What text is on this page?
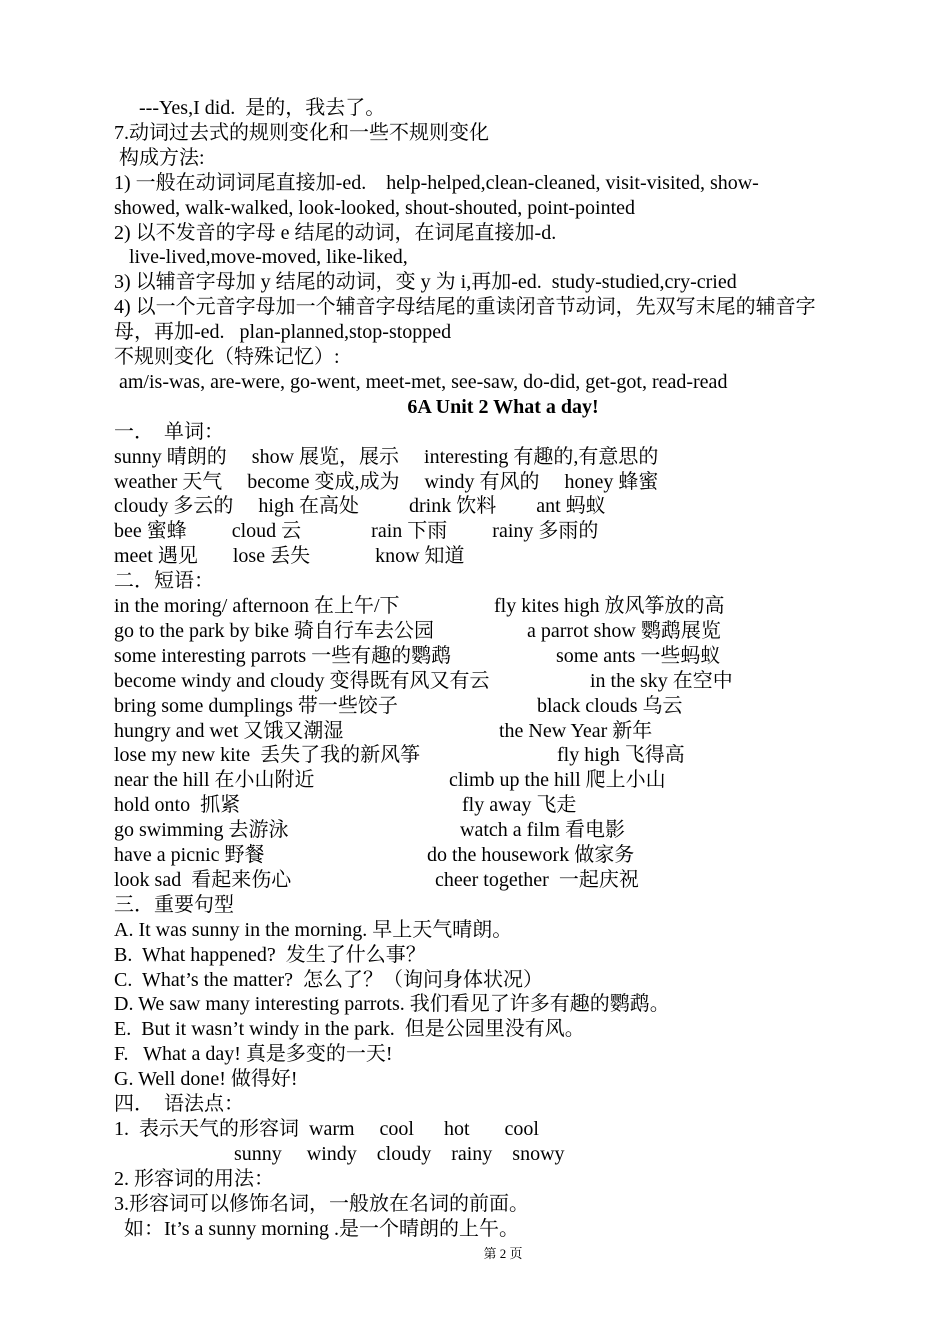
---Yes,I did.  是的，我去了。
7.动词过去式的规则变化和一些不规则变化
构成方法:
1) 一般在动词词尾直接加-ed.    help-helped,clean-cleaned, visit-visited, show-
showed, walk-walked, look-looked, shout-shouted, point-pointed
2) 以不发音的字母 e 结尾的动词，在词尾直接加-d.
live-lived,move-moved, like-liked,
3) 以辅音字母加 y 结尾的动词，变 y 为 i,再加-ed.  study-studied,cry-cried
4) 以一个元音字母加一个辅音字母结尾的重读闭音节动词，先双写末尾的辅音字
母，再加-ed.   plan-planned,stop-stopped
不规则变化（特殊记忆）:
am/is-was, are-were, go-went, meet-met, see-saw, do-did, get-got, read-read
6A Unit 2 What a day!
一．  单词：
sunny 晴朗的     show 展览，展示     interesting 有趣的,有意思的
weather 天气     become 变成,成为     windy 有风的     honey 蜂蜜
cloudy 多云的     high 在高处          drink 饮料        ant 蚂蚁
bee 蜜蜂         cloud 云              rain 下雨         rainy 多雨的
meet 遇见       lose 丢失             know 知道
二．短语：
in the moring/ afternoon 在上午/下	fly kites high 放风筝放的高
go to the park by bike 骑自行车去公园	a parrot show 鹦鹉展览
some interesting parrots 一些有趣的鹦鹉	some ants 一些蚂蚁
become windy and cloudy 变得既有风又有云	in the sky 在空中
bring some dumplings 带一些饺子	black clouds 乌云
hungry and wet 又饿又潮湿	the New Year 新年
lose my new kite  丢失了我的新风筝	fly high 飞得高
near the hill 在小山附近	climb up the hill 爬上小山
hold onto  抓紧	fly away 飞走
go swimming 去游泳	watch a film 看电影
have a picnic 野餐	do the housework 做家务
look sad  看起来伤心	cheer together  一起庆祝
三．重要句型
A. It was sunny in the morning. 早上天气晴朗。
B.  What happened?  发生了什么事？
C.  What’s the matter?  怎么了？（询问身体状况）
D. We saw many interesting parrots. 我们看见了许多有趣的鹦鹉。
E.  But it wasn’t windy in the park.  但是公园里没有风。
F.   What a day! 真是多变的一天!
G. Well done! 做得好!
四．  语法点：
1.  表示天气的形容词  warm     cool      hot       cool
sunny     windy    cloudy    rainy    snowy
2. 形容词的用法：
3.形容词可以修饰名词，一般放在名词的前面。
如：It’s a sunny morning .是一个晴朗的上午。
第 2 页
